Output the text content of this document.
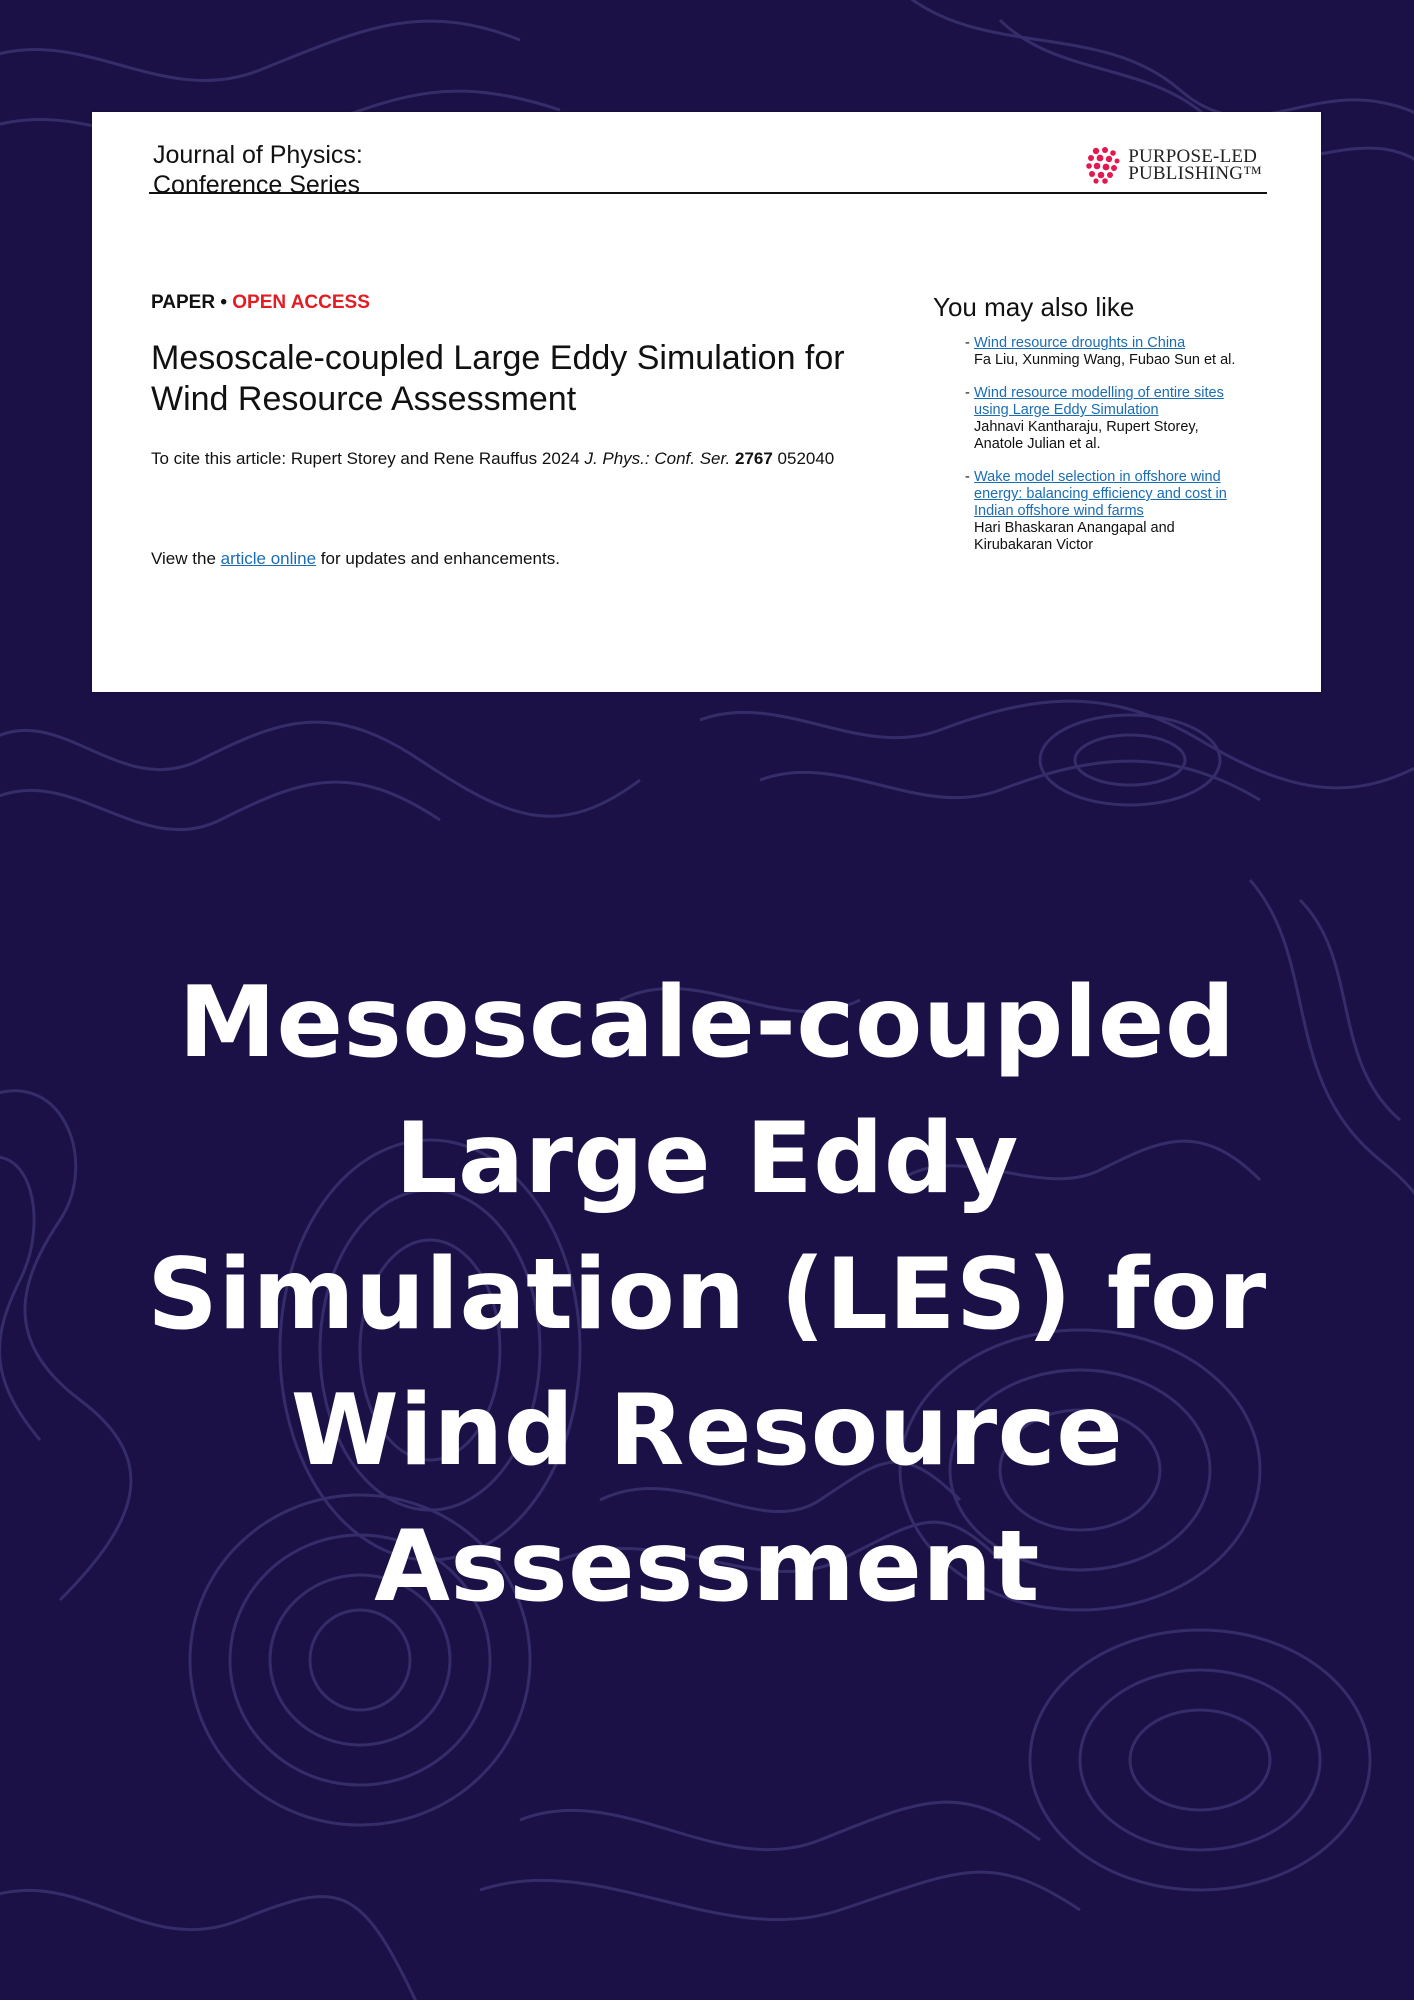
Journal of Physics:
Conference Series
PURPOSE-LED
PUBLISHING™
PAPER • OPEN ACCESS
Mesoscale-coupled Large Eddy Simulation for
Wind Resource Assessment
To cite this article: Rupert Storey and Rene Rauffus 2024 J. Phys.: Conf. Ser. 2767 052040
View the article online for updates and enhancements.
You may also like
- Wind resource droughts in China
Fa Liu, Xunming Wang, Fubao Sun et al.
- Wind resource modelling of entire sites using Large Eddy Simulation
Jahnavi Kantharaju, Rupert Storey, Anatole Julian et al.
- Wake model selection in offshore wind energy: balancing efficiency and cost in Indian offshore wind farms
Hari Bhaskaran Anangapal and Kirubakaran Victor
Mesoscale-coupled
Large Eddy
Simulation (LES) for
Wind Resource
Assessment
